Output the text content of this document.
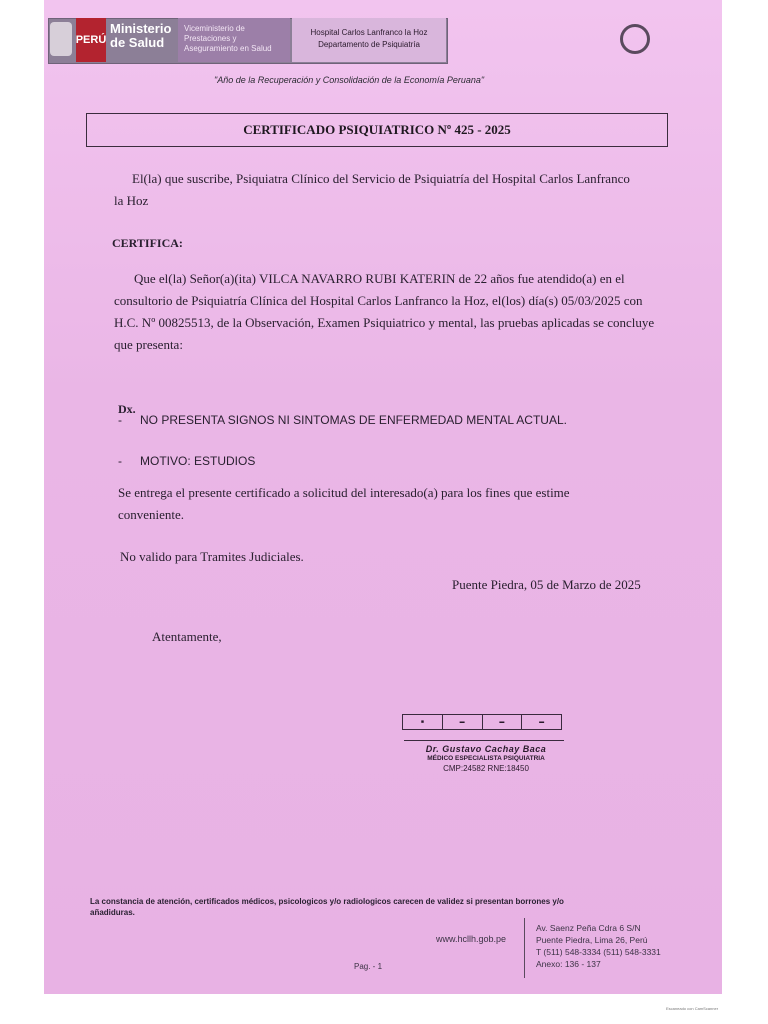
PERÚ
Ministerio de Salud
Viceministerio de Prestaciones y Aseguramiento en Salud
Hospital Carlos Lanfranco la Hoz
Departamento de Psiquiatría
"Año de la Recuperación y Consolidación de la Economía Peruana"
CERTIFICADO PSIQUIATRICO Nº 425 - 2025
El(la) que suscribe, Psiquiatra Clínico del Servicio de Psiquiatría del Hospital Carlos Lanfranco la Hoz
CERTIFICA:
Que el(la) Señor(a)(ita) VILCA NAVARRO RUBI KATERIN de 22 años fue atendido(a) en el consultorio de Psiquiatría Clínica del Hospital Carlos Lanfranco la Hoz, el(los) día(s) 05/03/2025 con H.C. Nº 00825513, de la Observación, Examen Psiquiatrico y mental, las pruebas aplicadas se concluye que presenta:
Dx.
- NO PRESENTA SIGNOS NI SINTOMAS DE ENFERMEDAD MENTAL ACTUAL.
- MOTIVO: ESTUDIOS
Se entrega el presente certificado a solicitud del interesado(a) para los fines que estime conveniente.
No valido para Tramites Judiciales.
Puente Piedra, 05 de Marzo de 2025
Atentamente,
■	▬	▬	▬
Dr. Gustavo Cachay Baca
MÉDICO ESPECIALISTA PSIQUIATRIA
CMP:24582 RNE:18450
La constancia de atención, certificados médicos, psicologicos y/o radiologicos carecen de validez si presentan borrones y/o añadiduras.
www.hcllh.gob.pe
Av. Saenz Peña Cdra 6 S/N
Puente Piedra, Lima 26, Perú
T (511) 548-3334 (511) 548-3331
Anexo: 136 - 137
Pag. - 1
Escaneado con CamScanner
